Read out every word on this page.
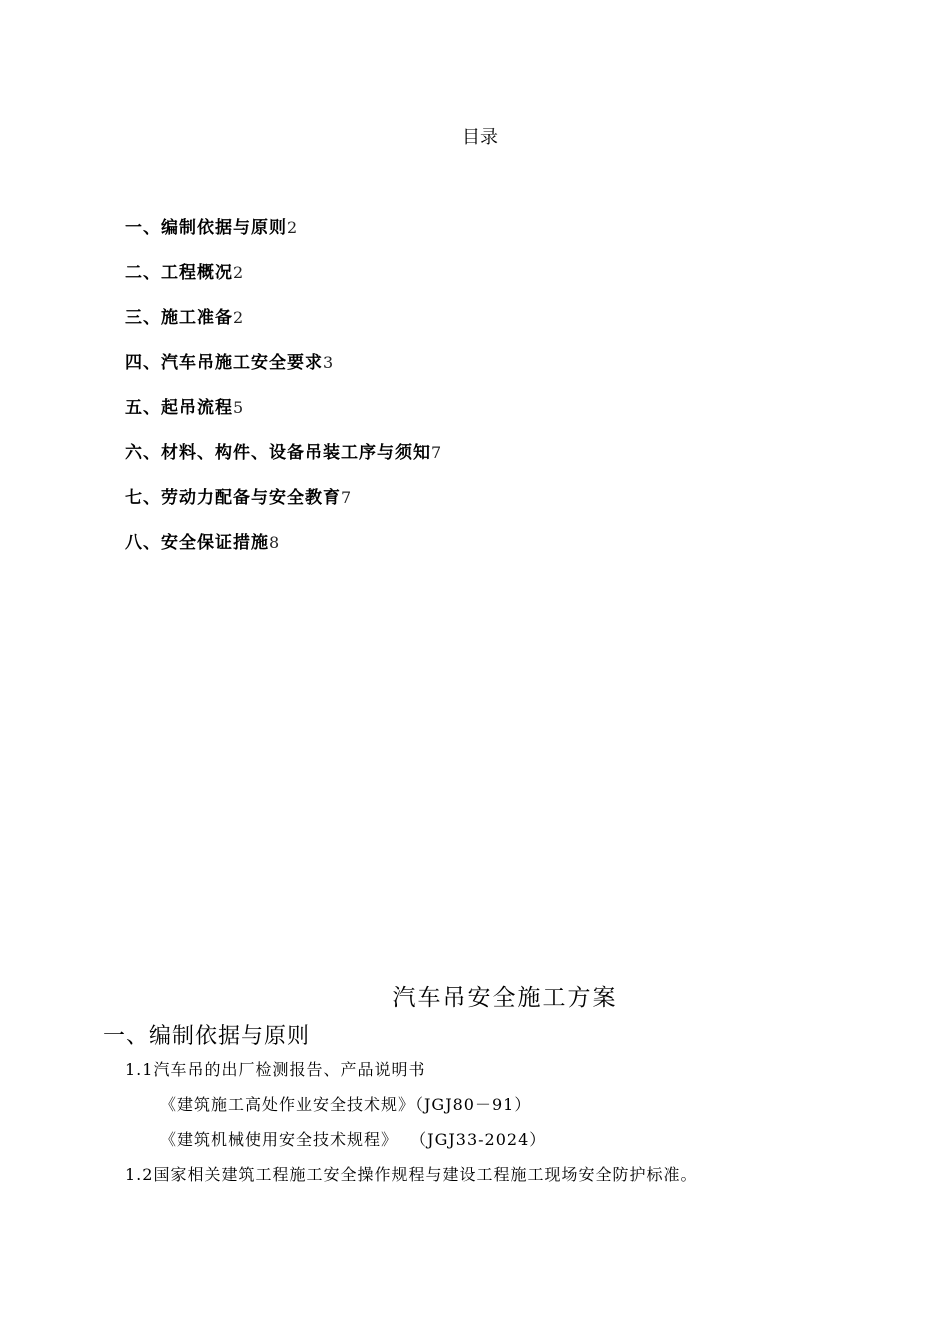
目录
一、编制依据与原则2
二、工程概况2
三、施工准备2
四、汽车吊施工安全要求3
五、起吊流程5
六、材料、构件、设备吊装工序与须知7
七、劳动力配备与安全教育7
八、安全保证措施8
汽车吊安全施工方案
一、编制依据与原则
1.1汽车吊的出厂检测报告、产品说明书
《建筑施工高处作业安全技术规》（JGJ80－91）
《建筑机械使用安全技术规程》  （JGJ33-2024）
1.2国家相关建筑工程施工安全操作规程与建设工程施工现场安全防护标准。
